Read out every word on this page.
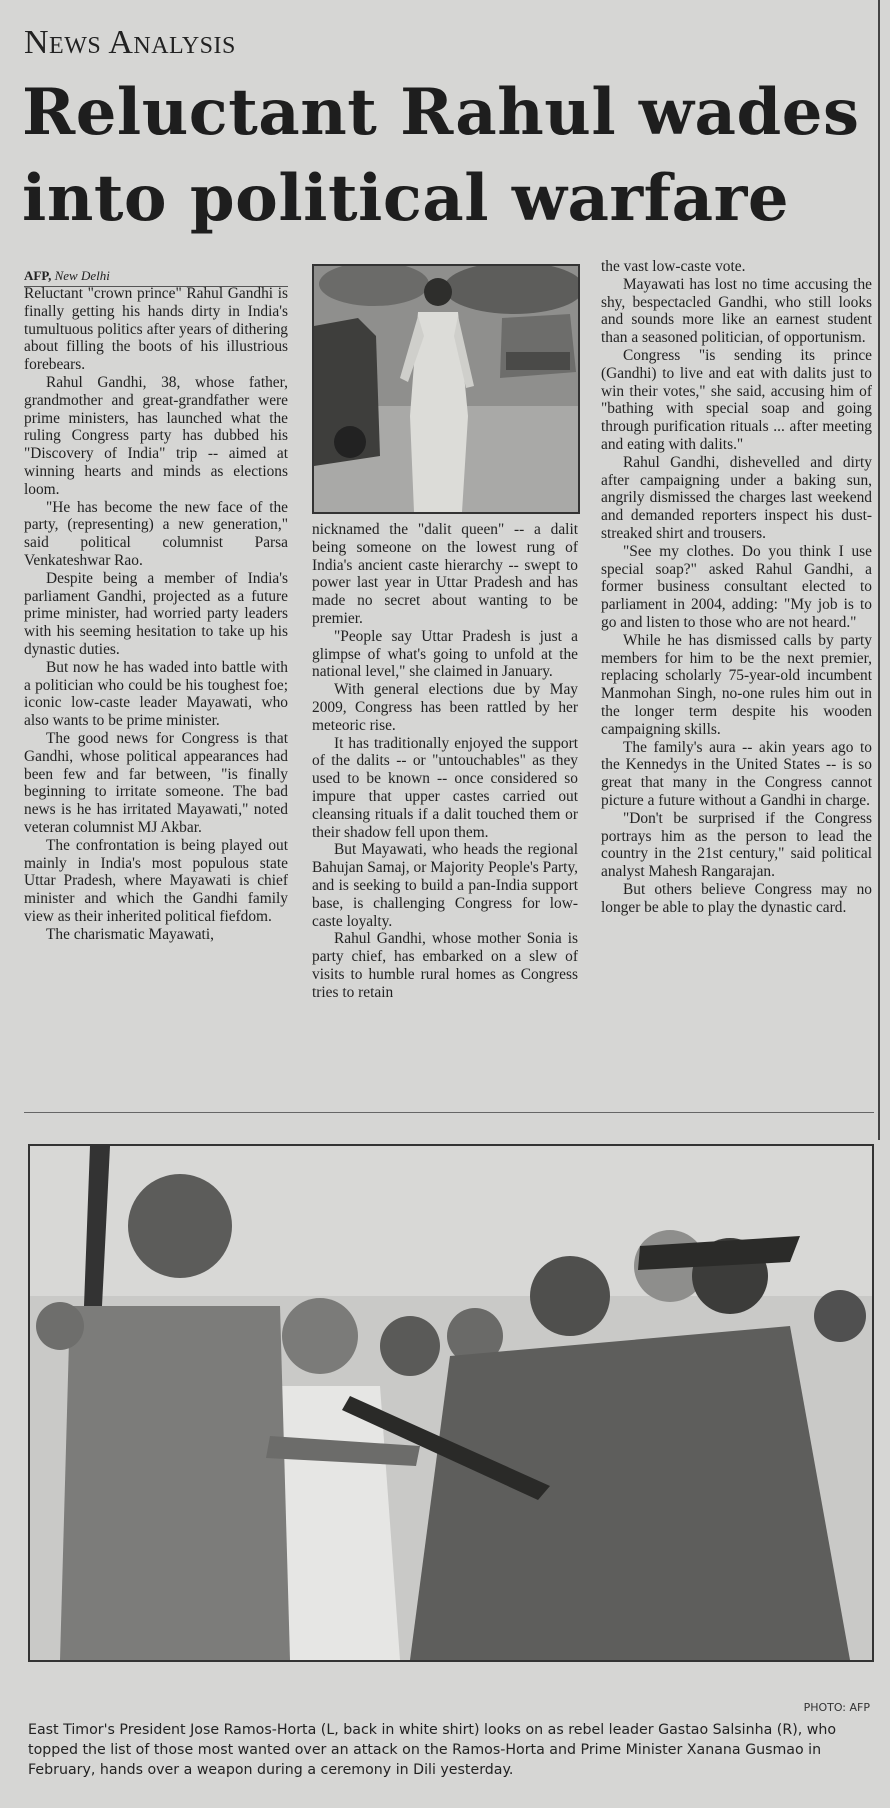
News Analysis
Reluctant Rahul wades into political warfare
AFP, New Delhi

Reluctant "crown prince" Rahul Gandhi is finally getting his hands dirty in India's tumultuous politics after years of dithering about filling the boots of his illustrious forebears.

Rahul Gandhi, 38, whose father, grandmother and great-grandfather were prime ministers, has launched what the ruling Congress party has dubbed his "Discovery of India" trip -- aimed at winning hearts and minds as elections loom.

"He has become the new face of the party, (representing) a new generation," said political columnist Parsa Venkateshwar Rao.

Despite being a member of India's parliament Gandhi, projected as a future prime minister, had worried party leaders with his seeming hesitation to take up his dynastic duties.

But now he has waded into battle with a politician who could be his toughest foe; iconic low-caste leader Mayawati, who also wants to be prime minister.

The good news for Congress is that Gandhi, whose political appearances had been few and far between, "is finally beginning to irritate someone. The bad news is he has irritated Mayawati," noted veteran columnist MJ Akbar.

The confrontation is being played out mainly in India's most populous state Uttar Pradesh, where Mayawati is chief minister and which the Gandhi family view as their inherited political fiefdom.

The charismatic Mayawati,

nicknamed the "dalit queen" -- a dalit being someone on the lowest rung of India's ancient caste hierarchy -- swept to power last year in Uttar Pradesh and has made no secret about wanting to be premier.

"People say Uttar Pradesh is just a glimpse of what's going to unfold at the national level," she claimed in January.

With general elections due by May 2009, Congress has been rattled by her meteoric rise.

It has traditionally enjoyed the support of the dalits -- or "untouchables" as they used to be known -- once considered so impure that upper castes carried out cleansing rituals if a dalit touched them or their shadow fell upon them.

But Mayawati, who heads the regional Bahujan Samaj, or Majority People's Party, and is seeking to build a pan-India support base, is challenging Congress for low-caste loyalty.

Rahul Gandhi, whose mother Sonia is party chief, has embarked on a slew of visits to humble rural homes as Congress tries to retain

the vast low-caste vote.

Mayawati has lost no time accusing the shy, bespectacled Gandhi, who still looks and sounds more like an earnest student than a seasoned politician, of opportunism.

Congress "is sending its prince (Gandhi) to live and eat with dalits just to win their votes," she said, accusing him of "bathing with special soap and going through purification rituals ... after meeting and eating with dalits."

Rahul Gandhi, dishevelled and dirty after campaigning under a baking sun, angrily dismissed the charges last weekend and demanded reporters inspect his dust-streaked shirt and trousers.

"See my clothes. Do you think I use special soap?" asked Rahul Gandhi, a former business consultant elected to parliament in 2004, adding: "My job is to go and listen to those who are not heard."

While he has dismissed calls by party members for him to be the next premier, replacing scholarly 75-year-old incumbent Manmohan Singh, no-one rules him out in the longer term despite his wooden campaigning skills.

The family's aura -- akin years ago to the Kennedys in the United States -- is so great that many in the Congress cannot picture a future without a Gandhi in charge.

"Don't be surprised if the Congress portrays him as the person to lead the country in the 21st century," said political analyst Mahesh Rangarajan.

But others believe Congress may no longer be able to play the dynastic card.

PHOTO: AFP
East Timor's President Jose Ramos-Horta (L, back in white shirt) looks on as rebel leader Gastao Salsinha (R), who topped the list of those most wanted over an attack on the Ramos-Horta and Prime Minister Xanana Gusmao in February, hands over a weapon during a ceremony in Dili yesterday.
